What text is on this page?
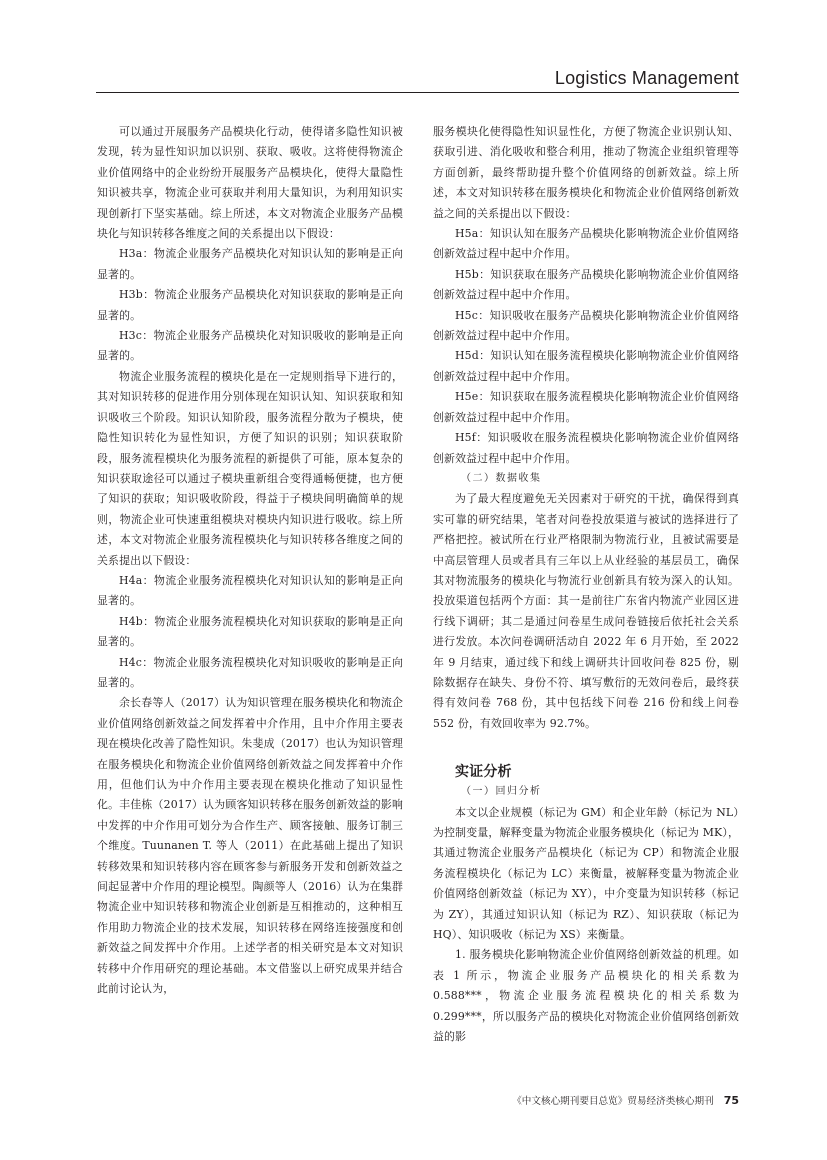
Logistics Management

可以通过开展服务产品模块化行动，使得诸多隐性知识被发现，转为显性知识加以识别、获取、吸收。这将使得物流企业价值网络中的企业纷纷开展服务产品模块化，使得大量隐性知识被共享，物流企业可获取并利用大量知识，为利用知识实现创新打下坚实基础。综上所述，本文对物流企业服务产品模块化与知识转移各维度之间的关系提出以下假设：

H3a：物流企业服务产品模块化对知识认知的影响是正向显著的。

H3b：物流企业服务产品模块化对知识获取的影响是正向显著的。

H3c：物流企业服务产品模块化对知识吸收的影响是正向显著的。

物流企业服务流程的模块化是在一定规则指导下进行的，其对知识转移的促进作用分别体现在知识认知、知识获取和知识吸收三个阶段。知识认知阶段，服务流程分散为子模块，使隐性知识转化为显性知识，方便了知识的识别；知识获取阶段，服务流程模块化为服务流程的新提供了可能，原本复杂的知识获取途径可以通过子模块重新组合变得通畅便捷，也方便了知识的获取；知识吸收阶段，得益于子模块间明确简单的规则，物流企业可快速重组模块对模块内知识进行吸收。综上所述，本文对物流企业服务流程模块化与知识转移各维度之间的关系提出以下假设：

H4a：物流企业服务流程模块化对知识认知的影响是正向显著的。

H4b：物流企业服务流程模块化对知识获取的影响是正向显著的。

H4c：物流企业服务流程模块化对知识吸收的影响是正向显著的。

余长春等人（2017）认为知识管理在服务模块化和物流企业价值网络创新效益之间发挥着中介作用，且中介作用主要表现在模块化改善了隐性知识。朱斐成（2017）也认为知识管理在服务模块化和物流企业价值网络创新效益之间发挥着中介作用，但他们认为中介作用主要表现在模块化推动了知识显性化。丰佳栋（2017）认为顾客知识转移在服务创新效益的影响中发挥的中介作用可划分为合作生产、顾客接触、服务订制三个维度。Tuunanen T. 等人（2011）在此基础上提出了知识转移效果和知识转移内容在顾客参与新服务开发和创新效益之间起显著中介作用的理论模型。陶颜等人（2016）认为在集群物流企业中知识转移和物流企业创新是互相推动的，这种相互作用助力物流企业的技术发展，知识转移在网络连接强度和创新效益之间发挥中介作用。上述学者的相关研究是本文对知识转移中介作用研究的理论基础。本文借鉴以上研究成果并结合此前讨论认为，

服务模块化使得隐性知识显性化，方便了物流企业识别认知、获取引进、消化吸收和整合利用，推动了物流企业组织管理等方面创新，最终帮助提升整个价值网络的创新效益。综上所述，本文对知识转移在服务模块化和物流企业价值网络创新效益之间的关系提出以下假设：

H5a：知识认知在服务产品模块化影响物流企业价值网络创新效益过程中起中介作用。

H5b：知识获取在服务产品模块化影响物流企业价值网络创新效益过程中起中介作用。

H5c：知识吸收在服务产品模块化影响物流企业价值网络创新效益过程中起中介作用。

H5d：知识认知在服务流程模块化影响物流企业价值网络创新效益过程中起中介作用。

H5e：知识获取在服务流程模块化影响物流企业价值网络创新效益过程中起中介作用。

H5f：知识吸收在服务流程模块化影响物流企业价值网络创新效益过程中起中介作用。

（二）数据收集

为了最大程度避免无关因素对于研究的干扰，确保得到真实可靠的研究结果，笔者对问卷投放渠道与被试的选择进行了严格把控。被试所在行业严格限制为物流行业，且被试需要是中高层管理人员或者具有三年以上从业经验的基层员工，确保其对物流服务的模块化与物流行业创新具有较为深入的认知。投放渠道包括两个方面：其一是前往广东省内物流产业园区进行线下调研；其二是通过问卷星生成问卷链接后依托社会关系进行发放。本次问卷调研活动自 2022 年 6 月开始，至 2022 年 9 月结束，通过线下和线上调研共计回收问卷 825 份，剔除数据存在缺失、身份不符、填写敷衍的无效问卷后，最终获得有效问卷 768 份，其中包括线下问卷 216 份和线上问卷 552 份，有效回收率为 92.7%。

实证分析

（一）回归分析

本文以企业规模（标记为 GM）和企业年龄（标记为 NL）为控制变量，解释变量为物流企业服务模块化（标记为 MK），其通过物流企业服务产品模块化（标记为 CP）和物流企业服务流程模块化（标记为 LC）来衡量，被解释变量为物流企业价值网络创新效益（标记为 XY），中介变量为知识转移（标记为 ZY），其通过知识认知（标记为 RZ）、知识获取（标记为 HQ）、知识吸收（标记为 XS）来衡量。

1. 服务模块化影响物流企业价值网络创新效益的机理。如表 1 所示，物流企业服务产品模块化的相关系数为 0.588***，物流企业服务流程模块化的相关系数为 0.299***，所以服务产品的模块化对物流企业价值网络创新效益的影

《中文核心期刊要目总览》贸易经济类核心期刊 75
